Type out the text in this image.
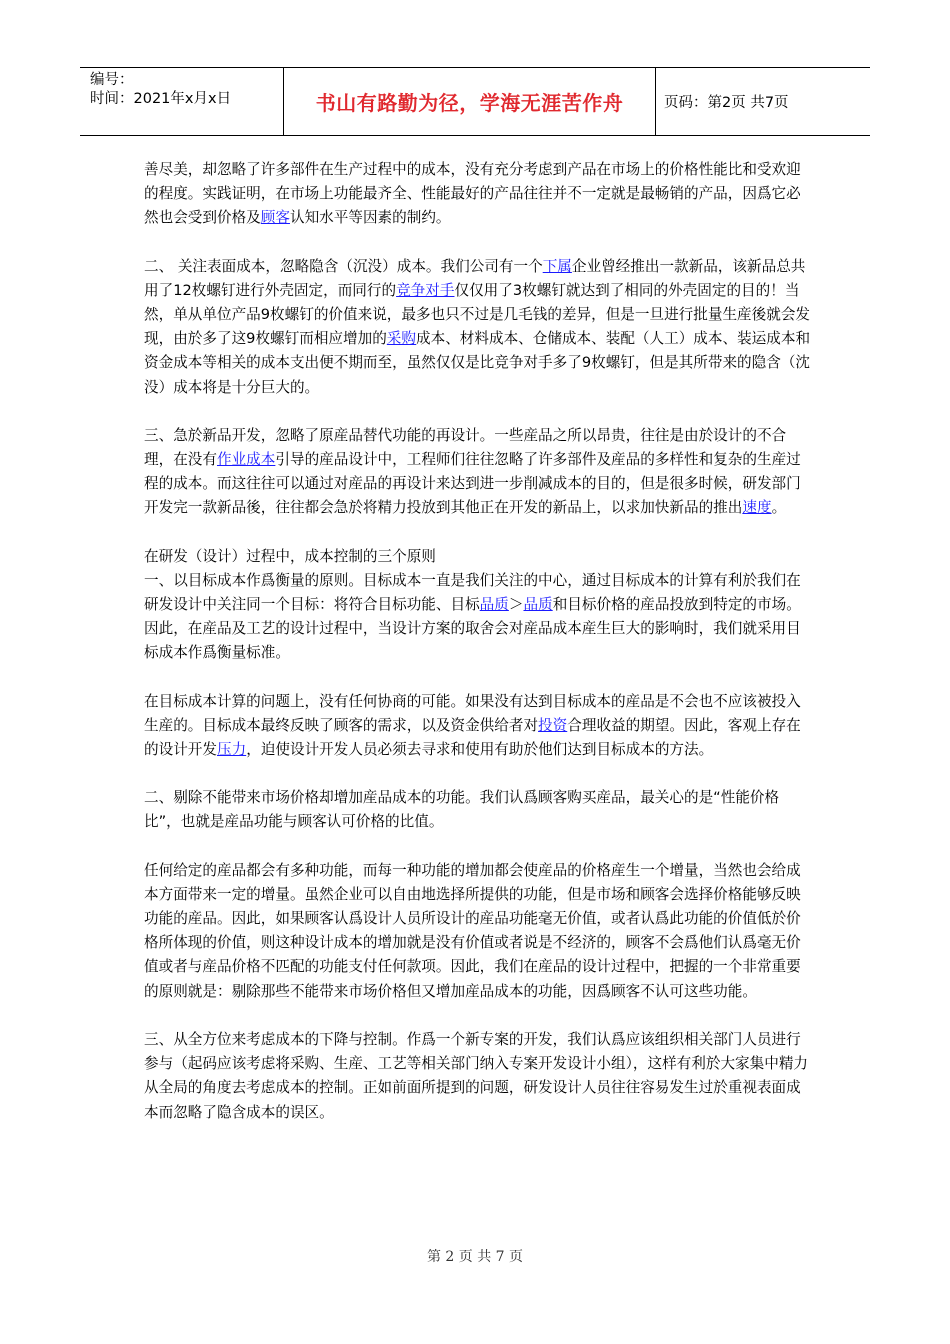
编号：
时间：2021年x月x日	书山有路勤为径，学海无涯苦作舟	页码：第2页 共7页

善尽美，却忽略了许多部件在生产过程中的成本，没有充分考虑到产品在市场上的价格性能比和受欢迎的程度。实践证明，在市场上功能最齐全、性能最好的产品往往并不一定就是最畅销的产品，因爲它必然也会受到价格及顾客认知水平等因素的制约。

二、 关注表面成本，忽略隐含（沉没）成本。我们公司有一个下属企业曾经推出一款新品，该新品总共用了12枚螺钉进行外壳固定，而同行的竞争对手仅仅用了3枚螺钉就达到了相同的外壳固定的目的！当然，单从单位产品9枚螺钉的价值来说，最多也只不过是几毛钱的差异，但是一旦进行批量生産後就会发现，由於多了这9枚螺钉而相应增加的采购成本、材料成本、仓储成本、装配（人工）成本、装运成本和资金成本等相关的成本支出便不期而至，虽然仅仅是比竞争对手多了9枚螺钉，但是其所带来的隐含（沈没）成本将是十分巨大的。

三、急於新品开发，忽略了原産品替代功能的再设计。一些産品之所以昂贵，往往是由於设计的不合理，在没有作业成本引导的産品设计中，工程师们往往忽略了许多部件及産品的多样性和复杂的生産过程的成本。而这往往可以通过对産品的再设计来达到进一步削减成本的目的，但是很多时候，研发部门开发完一款新品後，往往都会急於将精力投放到其他正在开发的新品上，以求加快新品的推出速度。

在研发（设计）过程中，成本控制的三个原则

一、以目标成本作爲衡量的原则。目标成本一直是我们关注的中心，通过目标成本的计算有利於我们在研发设计中关注同一个目标：将符合目标功能、目标品质＞品质和目标价格的産品投放到特定的市场。因此，在産品及工艺的设计过程中，当设计方案的取舍会对産品成本産生巨大的影响时，我们就采用目标成本作爲衡量标准。

在目标成本计算的问题上，没有任何协商的可能。如果没有达到目标成本的産品是不会也不应该被投入生産的。目标成本最终反映了顾客的需求，以及资金供给者对投资合理收益的期望。因此，客观上存在的设计开发压力，迫使设计开发人员必须去寻求和使用有助於他们达到目标成本的方法。

二、剔除不能带来市场价格却增加産品成本的功能。我们认爲顾客购买産品，最关心的是“性能价格比”，也就是産品功能与顾客认可价格的比值。

任何给定的産品都会有多种功能，而每一种功能的增加都会使産品的价格産生一个增量，当然也会给成本方面带来一定的增量。虽然企业可以自由地选择所提供的功能，但是市场和顾客会选择价格能够反映功能的産品。因此，如果顾客认爲设计人员所设计的産品功能毫无价值，或者认爲此功能的价值低於价格所体现的价值，则这种设计成本的增加就是没有价值或者说是不经济的，顾客不会爲他们认爲毫无价值或者与産品价格不匹配的功能支付任何款项。因此，我们在産品的设计过程中，把握的一个非常重要的原则就是：剔除那些不能带来市场价格但又增加産品成本的功能，因爲顾客不认可这些功能。

三、从全方位来考虑成本的下降与控制。作爲一个新专案的开发，我们认爲应该组织相关部门人员进行参与（起码应该考虑将采购、生産、工艺等相关部门纳入专案开发设计小组），这样有利於大家集中精力从全局的角度去考虑成本的控制。正如前面所提到的问题，研发设计人员往往容易发生过於重视表面成本而忽略了隐含成本的误区。

第 2 页 共 7 页
